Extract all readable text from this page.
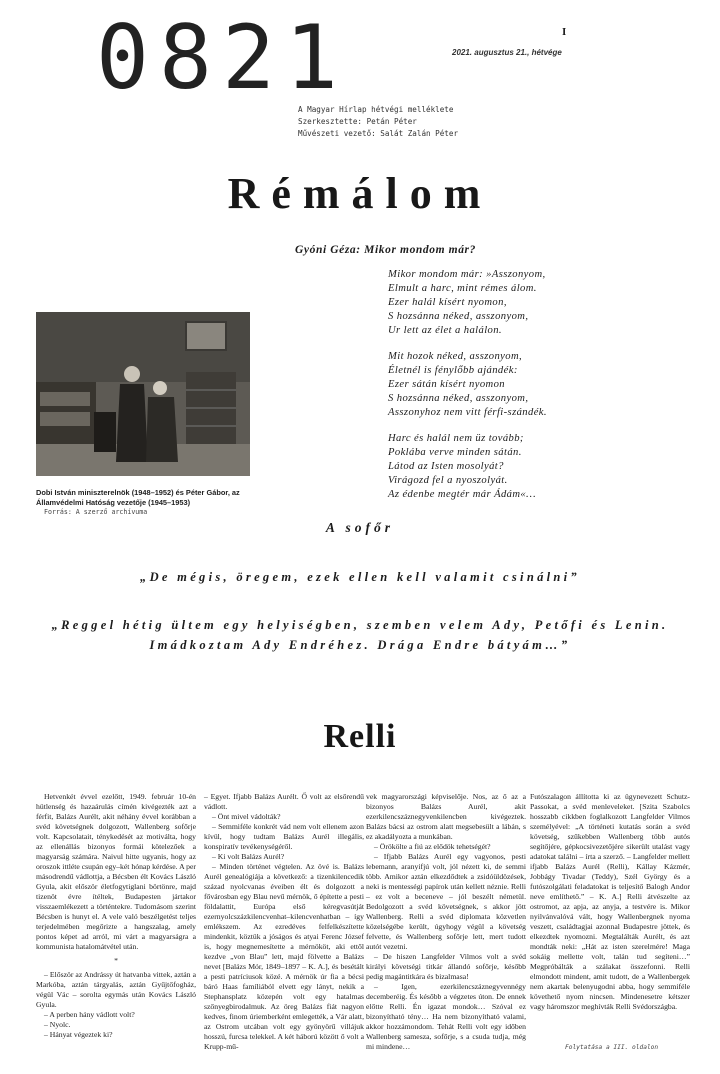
0821	2021. augusztus 21., hétvége
I
A Magyar Hírlap hétvégi melléklete
Szerkesztette: Petán Péter
Művészeti vezető: Salát Zalán Péter
Rémálom
Gyóni Géza: Mikor mondom már?
Mikor mondom már: »Asszonyom,
Elmult a harc, mint rémes álom.
Ezer halál kísért nyomon,
S hozsánna néked, asszonyom,
Ur lett az élet a halálon.
Mit hozok néked, asszonyom,
Életnél is fénylőbb ajándék:
Ezer sátán kísért nyomon
S hozsánna néked, asszonyom,
Asszonyhoz nem vitt férfi-szándék.
Harc és halál nem üz tovább;
Poklába verve minden sátán.
Látod az Isten mosolyát?
Virágozd fel a nyoszolyát.
Az édenbe megtér már Ádám«…
Dobi István miniszterelnök (1948–1952) és Péter Gábor, az Államvédelmi Hatóság vezetője (1945–1953)
Forrás: A szerző archívuma
A sofőr
„De mégis, öregem, ezek ellen kell valamit csinálni”
„Reggel hétig ültem egy helyiségben, szemben velem Ady, Petőfi és Lenin. Imádkoztam Ady Endréhez. Drága Endre bátyám…”
Relli

Hetvenkét évvel ezelőtt, 1949. február 10-én hütlenség és hazaárulás címén kivégezték azt a férfit, Balázs Aurélt, akit néhány évvel korábban a svéd követségnek dolgozott, Wallenberg sofőrje volt. Kapcsolatait, ténykedését az motiválta, hogy az ellenállás bizonyos formái kötelezőek a magyarság számára. Naivul hitte ugyanis, hogy az oroszok ittléte csupán egy–két hónap kérdése. A per másodrendű vádlottja, a Bécsben élt Kovács László Gyula, akit először életfogytiglani börtönre, majd tizenöt évre ítéltek, Budapesten jártakor visszaemlékezett a történtekre. Tudomásom szerint Bécsben is hunyt el. A vele való beszélgetést teljes terjedelmében megőrizte a hangszalag, amely pontos képet ad arról, mi várt a magyarságra a kommunista hatalomátvétel után.

*

– Először az Andrássy út hatvanba vittek, aztán a Markóba, aztán tárgyalás, aztán Gyűjtőfogház, végül Vác – sorolta egymás után Kovács László Gyula.

– A perben hány vádlott volt?

– Nyolc.

– Hányat végeztek ki?

– Egyet. Ifjabb Balázs Aurélt. Ő volt az elsőrendű vádlott.

– Önt mivel vádolták?

– Semmiféle konkrét vád nem volt ellenem azon kívül, hogy tudtam Balázs Aurél illegális, konspiratív tevékenységéről.

– Ki volt Balázs Aurél?

– Minden történet végtelen. Az övé is. Balázs Aurél genealógiája a következő: a tizenkilencedik század nyolcvanas éveiben élt és dolgozott a fővárosban egy Blau nevű mérnök, ő építette a pesti földalattit, Európa első kéregvasútját ezernyolcszázkilencvenhat–kilencvenhatban – így emlékszem. Az ezredéves felfelkészítette mindenkit, köztük a jóságos és atyai Ferenc József is, hogy megnemesítette a mérnököt, aki ettől kezdve „von Blau” lett, majd fölvette a Balázs nevet [Balázs Mór, 1849–1897 – K. A.], és besétált a pesti patríciusok közé. A mérnök úr fia a bécsi báró Haas famíliából elvett egy lányt, nekik a Stephansplatz közepén volt egy hatalmas szőnyegbirodalmuk. Az öreg Balázs fiát nagyon kedves, finom úriemberként emlegették, a Vár alatt, az Ostrom utcában volt egy gyönyörű villájuk hosszú, furcsa telekkel. A két háború között ő volt a Krupp-mű-

vek magyarországi képviselője. Nos, az ő az a bizonyos Balázs Aurél, akit ezerkilencszáznegyvenkilencben kivégeztek. Balázs bácsi az ostrom alatt megsebesült a lábán, s ez akadályozta a munkában.

– Örökölte a fiú az elődök tehetségét?

– Ifjabb Balázs Aurél egy vagyonos, pesti lebemann, aranyifjú volt, jól nézett ki, de semmi több. Amikor aztán elkezdődtek a zsidóüldözések, neki is mentességi papírok után kellett néznie. Relli – ez volt a beceneve – jól beszélt németül. Bedolgozott a svéd követségnek, s akkor jött Wallenberg. Relli a svéd diplomata közvetlen közelségébe került, úgyhogy végül a követség felvette, és Wallenberg sofőrje lett, mert tudott autót vezetni.

– De hiszen Langfelder Vilmos volt a svéd királyi követségi titkár állandó sofőrje, később pedig magántitkára és bizalmasa!

– Igen, ezerkilencszáznegyvennégy decemberéig. És később a végzetes úton. De ennek előtte Relli. Én igazat mondok… Szóval ez bizonyítható tény… Ha nem bizonyítható valami, akkor hozzámondom. Tehát Relli volt egy időben Wallenberg samesza, sofőrje, s a csuda tudja, még mi mindene…

Futószalagon állította ki az ügynevezett Schutz-Passokat, a svéd menleveleket. [Szita Szabolcs hosszabb cikkben foglalkozott Langfelder Vilmos személyével: „A történeti kutatás során a svéd követség, szűkebben Wallenberg több autós segítőjére, gépkocsivezetőjére sikerült utalást vagy adatokat találni – írta a szerző. – Langfelder mellett ifjabb Balázs Aurél (Relli), Kállay Kázmér, Jobbágy Tivadar (Teddy), Szél György és a futószolgálati feladatokat is teljesítő Balogh Andor neve említhető.” – K. A.] Relli átvészelte az ostromot, az apja, az anyja, a testvére is. Mikor nyilvánvalóvá vált, hogy Wallenbergnek nyoma veszett, családtagjai azonnal Budapestre jöttek, és elkezdtek nyomozni. Megtalálták Aurélt, és azt mondták neki: „Hát az isten szerelmére! Maga sokáig mellette volt, talán tud segíteni…” Megpróbálták a szálakat összefonni. Relli elmondott mindent, amit tudott, de a Wallenbergek nem akartak belenyugodni abba, hogy semmiféle követhető nyom nincsen. Mindenesetre kétszer vagy háromszor meghívták Relli Svédországba.

Folytatása a III. oldalon
